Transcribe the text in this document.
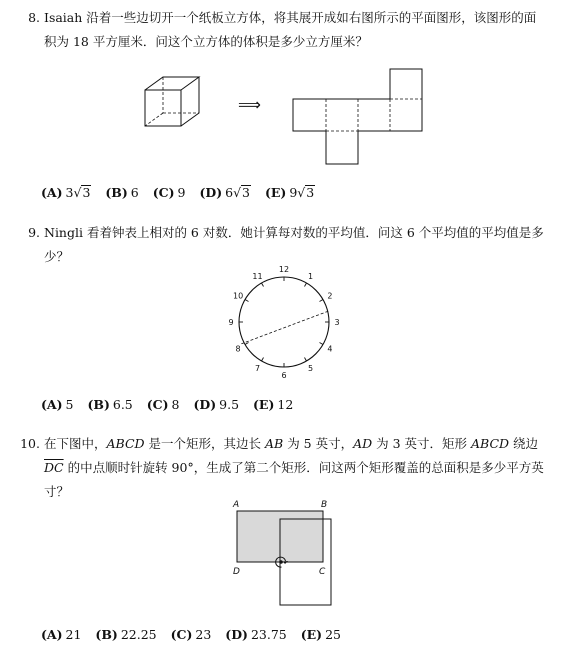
8. Isaiah 沿着一些边切开一个纸板立方体，将其展开成如右图所示的平面图形，该图形的面
积为 18 平方厘米．问这个立方体的体积是多少立方厘米？
⟹
(A) 3√3 (B) 6 (C) 9 (D) 6√3 (E) 9√3
9. Ningli 看着钟表上相对的 6 对数．她计算每对数的平均值．问这 6 个平均值的平均值是多
少？
12
1
2
3
4
5
6
7
8
9
10
11
(A) 5 (B) 6.5 (C) 8 (D) 9.5 (E) 12
10. 在下图中，ABCD 是一个矩形，其边长 AB 为 5 英寸，AD 为 3 英寸．矩形 ABCD 绕边
$\overline{DC}$ 的中点顺时针旋转 90°，生成了第二个矩形．问这两个矩形覆盖的总面积是多少平方英
寸？
A	B
D	C
(A) 21 (B) 22.25 (C) 23 (D) 23.75 (E) 25
